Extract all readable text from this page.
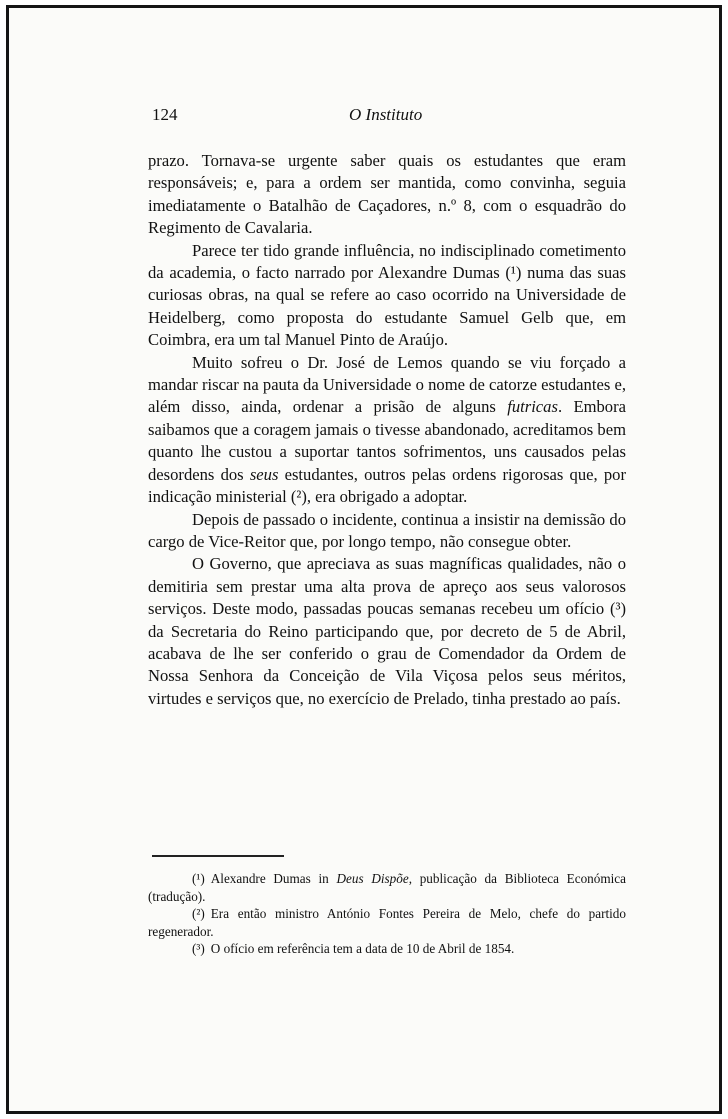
124	O Instituto

prazo. Tornava-se urgente saber quais os estudantes que eram responsáveis; e, para a ordem ser mantida, como convinha, seguia imediatamente o Batalhão de Caçadores, n.º 8, com o esquadrão do Regimento de Cavalaria.

Parece ter tido grande influência, no indisciplinado cometimento da academia, o facto narrado por Alexandre Dumas (¹) numa das suas curiosas obras, na qual se refere ao caso ocorrido na Universidade de Heidelberg, como proposta do estudante Samuel Gelb que, em Coimbra, era um tal Manuel Pinto de Araújo.

Muito sofreu o Dr. José de Lemos quando se viu forçado a mandar riscar na pauta da Universidade o nome de catorze estudantes e, além disso, ainda, ordenar a prisão de alguns futricas. Embora saibamos que a coragem jamais o tivesse abandonado, acreditamos bem quanto lhe custou a suportar tantos sofrimentos, uns causados pelas desordens dos seus estudantes, outros pelas ordens rigorosas que, por indicação ministerial (²), era obrigado a adoptar.

Depois de passado o incidente, continua a insistir na demissão do cargo de Vice-Reitor que, por longo tempo, não consegue obter.

O Governo, que apreciava as suas magníficas qualidades, não o demitiria sem prestar uma alta prova de apreço aos seus valorosos serviços. Deste modo, passadas poucas semanas recebeu um ofício (³) da Secretaria do Reino participando que, por decreto de 5 de Abril, acabava de lhe ser conferido o grau de Comendador da Ordem de Nossa Senhora da Conceição de Vila Viçosa pelos seus méritos, virtudes e serviços que, no exercício de Prelado, tinha prestado ao país.

(¹) Alexandre Dumas in Deus Dispõe, publicação da Biblioteca Económica (tradução).

(²) Era então ministro António Fontes Pereira de Melo, chefe do partido regenerador.

(³) O ofício em referência tem a data de 10 de Abril de 1854.
